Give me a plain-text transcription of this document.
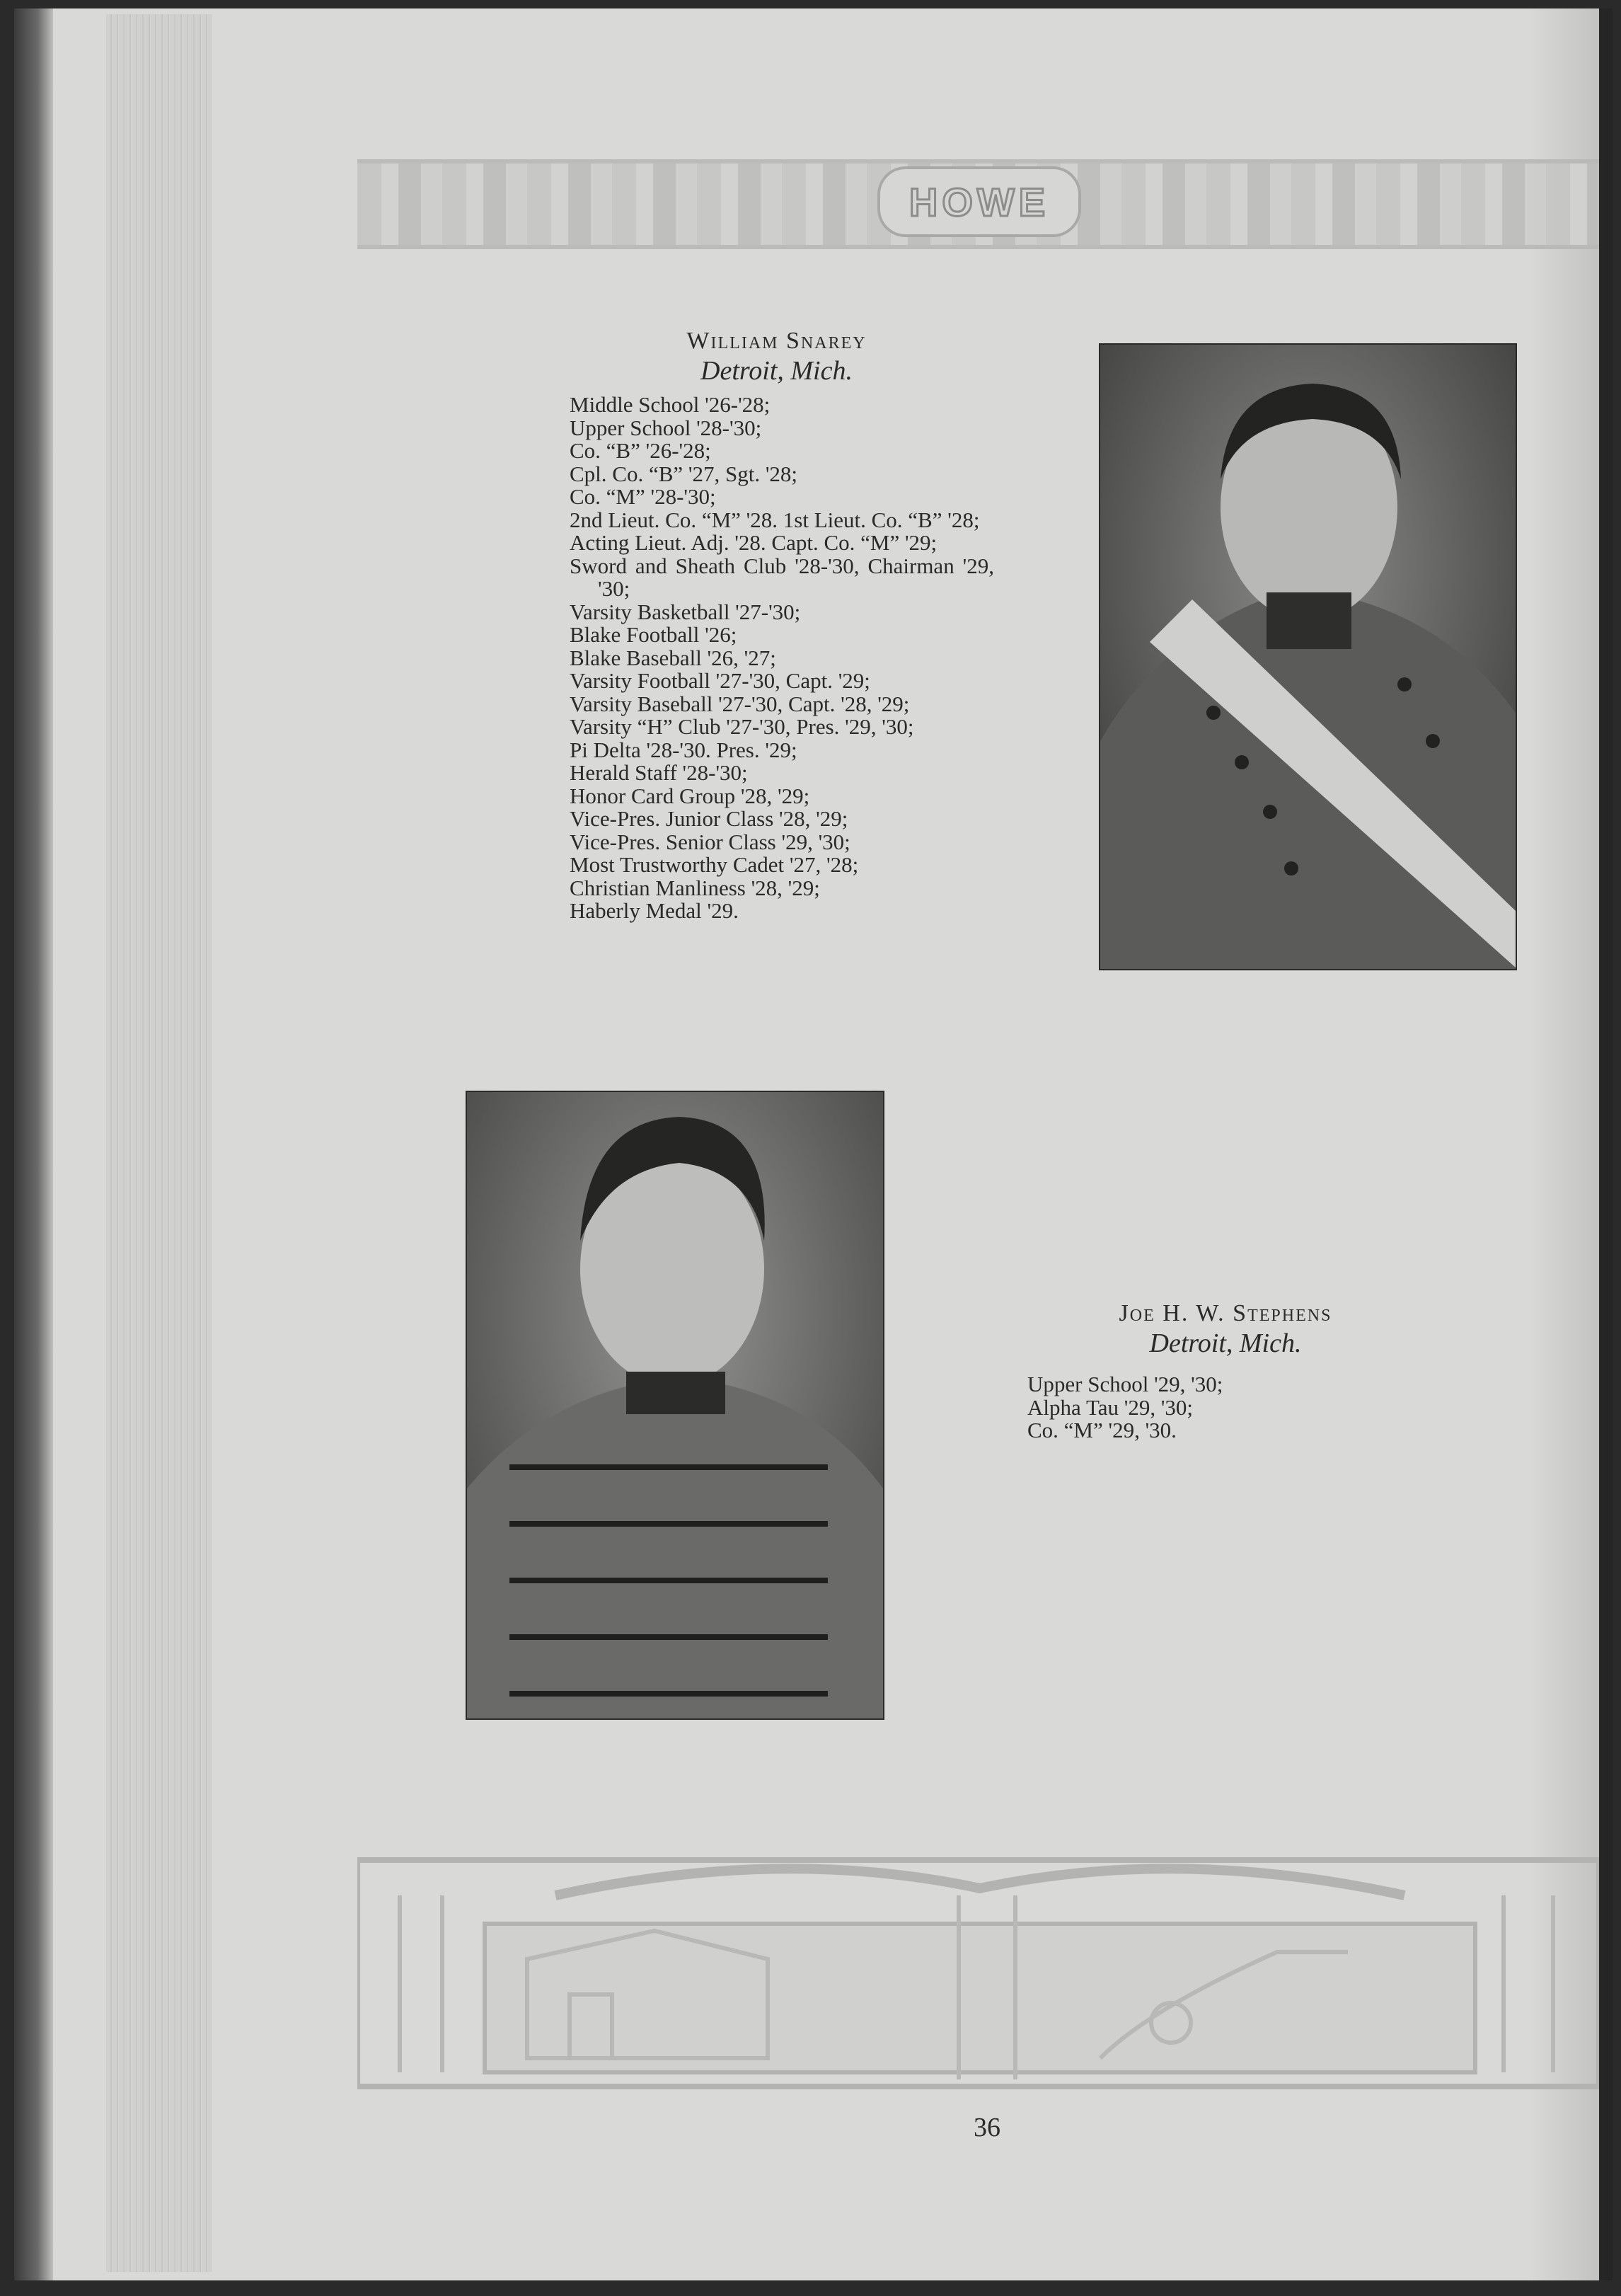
HOWE
William Snarey
Detroit, Mich.
Middle School '26-'28;
Upper School '28-'30;
Co. “B” '26-'28;
Cpl. Co. “B” '27, Sgt. '28;
Co. “M” '28-'30;
2nd Lieut. Co. “M” '28. 1st Lieut. Co. “B” '28;
Acting Lieut. Adj. '28. Capt. Co. “M” '29;
Sword and Sheath Club '28-'30, Chairman '29, '30;
Varsity Basketball '27-'30;
Blake Football '26;
Blake Baseball '26, '27;
Varsity Football '27-'30, Capt. '29;
Varsity Baseball '27-'30, Capt. '28, '29;
Varsity “H” Club '27-'30, Pres. '29, '30;
Pi Delta '28-'30. Pres. '29;
Herald Staff '28-'30;
Honor Card Group '28, '29;
Vice-Pres. Junior Class '28, '29;
Vice-Pres. Senior Class '29, '30;
Most Trustworthy Cadet '27, '28;
Christian Manliness '28, '29;
Haberly Medal '29.
Joe H. W. Stephens
Detroit, Mich.
Upper School '29, '30;
Alpha Tau '29, '30;
Co. “M” '29, '30.
36
